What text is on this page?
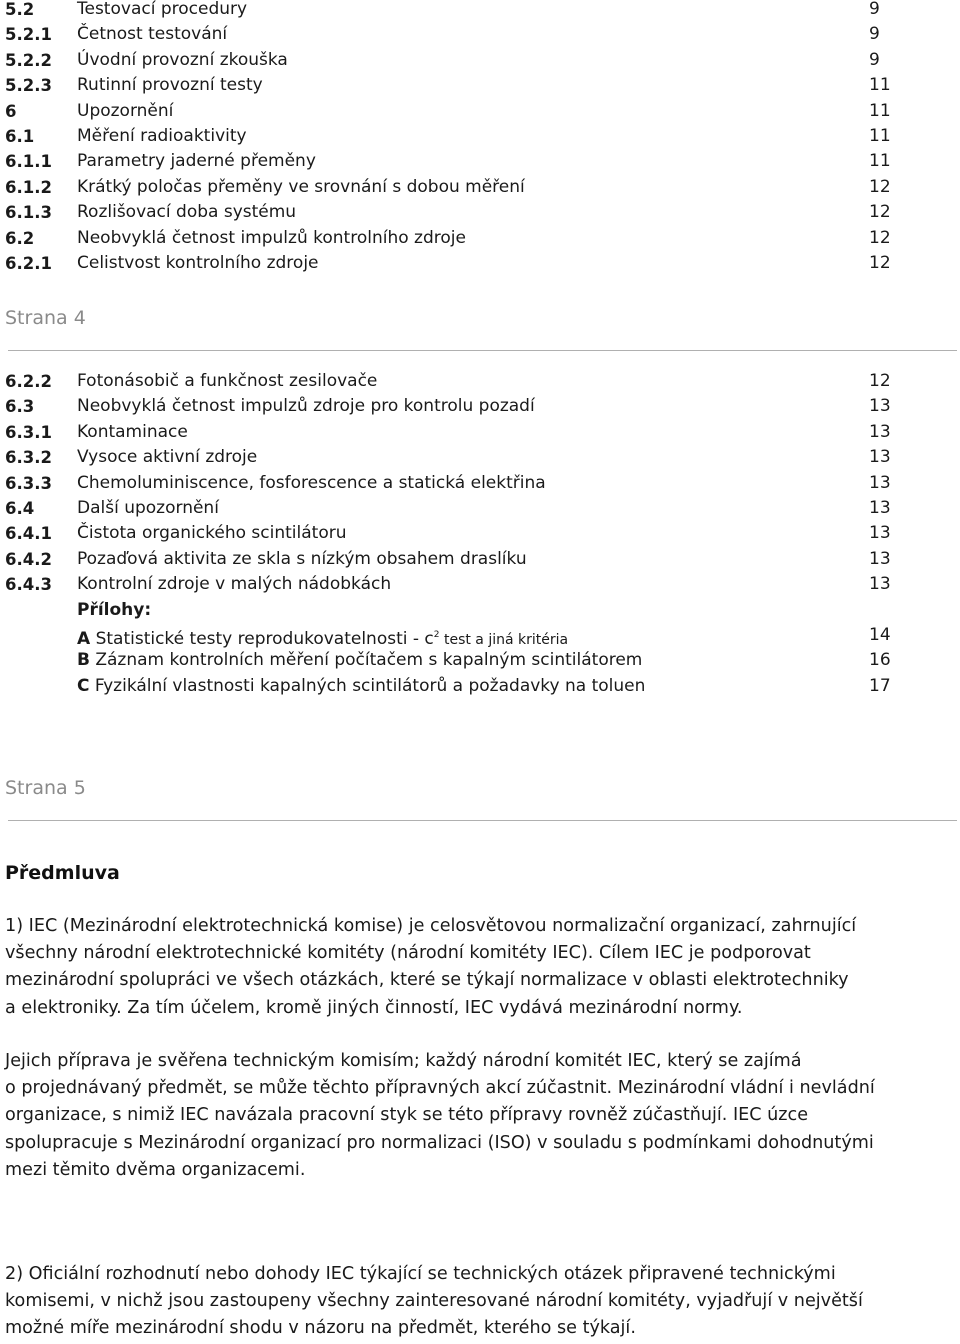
5.2	Testovací procedury	9
5.2.1 Četnost testování	9
5.2.2 Úvodní provozní zkouška	9
5.2.3 Rutinní provozní testy	11
6	Upozornění	11
6.1	Měření radioaktivity	11
6.1.1 Parametry jaderné přeměny	11
6.1.2 Krátký poločas přeměny ve srovnání s dobou měření	12
6.1.3 Rozlišovací doba systému	12
6.2	Neobvyklá četnost impulzů kontrolního zdroje	12
6.2.1 Celistvost kontrolního zdroje	12
Strana 4
6.2.2 Fotonásobič a funkčnost zesilovače	12
6.3	Neobvyklá četnost impulzů zdroje pro kontrolu pozadí	13
6.3.1 Kontaminace	13
6.3.2 Vysoce aktivní zdroje	13
6.3.3 Chemoluminiscence, fosforescence a statická elektřina	13
6.4	Další upozornění	13
6.4.1 Čistota organického scintilátoru	13
6.4.2 Pozaďová aktivita ze skla s nízkým obsahem draslíku	13
6.4.3 Kontrolní zdroje v malých nádobkách	13
Přílohy:
A Statistické testy reprodukovatelnosti - $c^2$ test a jiná kritéria	14
B Záznam kontrolních měření počítačem s kapalným scintilátorem	16
C Fyzikální vlastnosti kapalných scintilátorů a požadavky na toluen	17
Strana 5
Předmluva
1) IEC (Mezinárodní elektrotechnická komise) je celosvětovou normalizační organizací, zahrnující
všechny národní elektrotechnické komitéty (národní komitéty IEC). Cílem IEC je podporovat
mezinárodní spolupráci ve všech otázkách, které se týkají normalizace v oblasti elektrotechniky
a elektroniky. Za tím účelem, kromě jiných činností, IEC vydává mezinárodní normy.
Jejich příprava je svěřena technickým komisím; každý národní komitét IEC, který se zajímá
o projednávaný předmět, se může těchto přípravných akcí zúčastnit. Mezinárodní vládní i nevládní
organizace, s nimiž IEC navázala pracovní styk se této přípravy rovněž zúčastňují. IEC úzce
spolupracuje s Mezinárodní organizací pro normalizaci (ISO) v souladu s podmínkami dohodnutými
mezi těmito dvěma organizacemi.
2) Oficiální rozhodnutí nebo dohody IEC týkající se technických otázek připravené technickými
komisemi, v nichž jsou zastoupeny všechny zainteresované národní komitéty, vyjadřují v největší
možné míře mezinárodní shodu v názoru na předmět, kterého se týkají.
